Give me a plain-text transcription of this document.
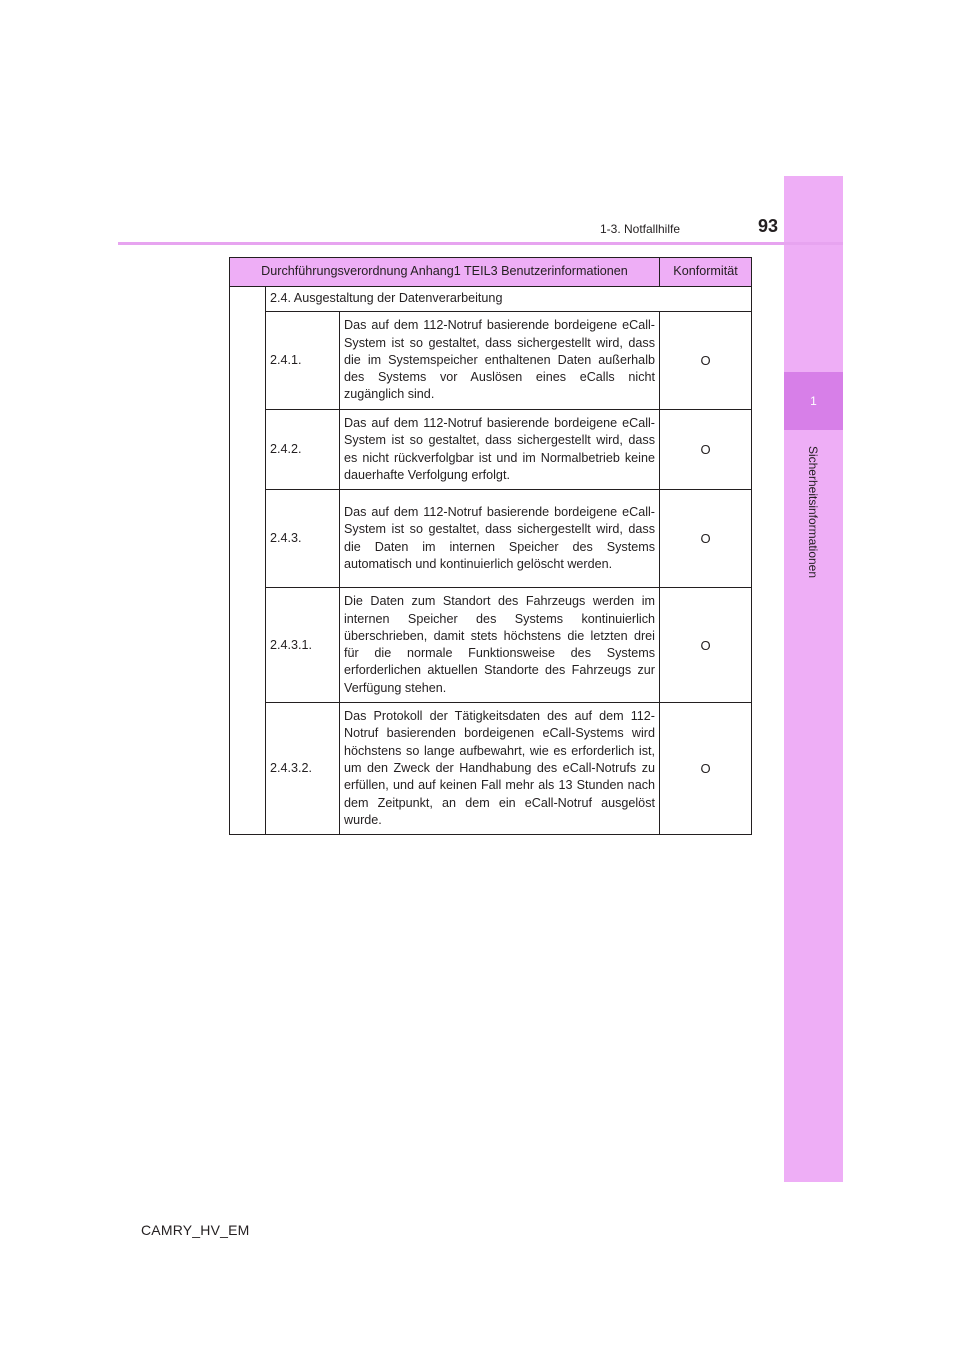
1
Sicherheitsinformationen
1-3. Notfallhilfe	93
Durchführungsverordnung Anhang1 TEIL3 Benutzerinformationen			Konformität
	2.4. Ausgestaltung der Datenverarbeitung		
	2.4.1.	Das auf dem 112-Notruf basierende bordeigene eCall-System ist so gestaltet, dass sichergestellt wird, dass die im Systemspeicher enthaltenen Daten außerhalb des Systems vor Auslösen eines eCalls nicht zugänglich sind.	O
	2.4.2.	Das auf dem 112-Notruf basierende bordeigene eCall-System ist so gestaltet, dass sichergestellt wird, dass es nicht rückverfolgbar ist und im Normalbetrieb keine dauerhafte Verfolgung erfolgt.	O
	2.4.3.	Das auf dem 112-Notruf basierende bordeigene eCall-System ist so gestaltet, dass sichergestellt wird, dass die Daten im internen Speicher des Systems automatisch und kontinuierlich gelöscht werden.	O
	2.4.3.1.	Die Daten zum Standort des Fahrzeugs werden im internen Speicher des Systems kontinuierlich überschrieben, damit stets höchstens die letzten drei für die normale Funktionsweise des Systems erforderlichen aktuellen Standorte des Fahrzeugs zur Verfügung stehen.	O
	2.4.3.2.	Das Protokoll der Tätigkeitsdaten des auf dem 112-Notruf basierenden bordeigenen eCall-Systems wird höchstens so lange aufbewahrt, wie es erforderlich ist, um den Zweck der Handhabung des eCall-Notrufs zu erfüllen, und auf keinen Fall mehr als 13 Stunden nach dem Zeitpunkt, an dem ein eCall-Notruf ausgelöst wurde.	O
CAMRY_HV_EM
